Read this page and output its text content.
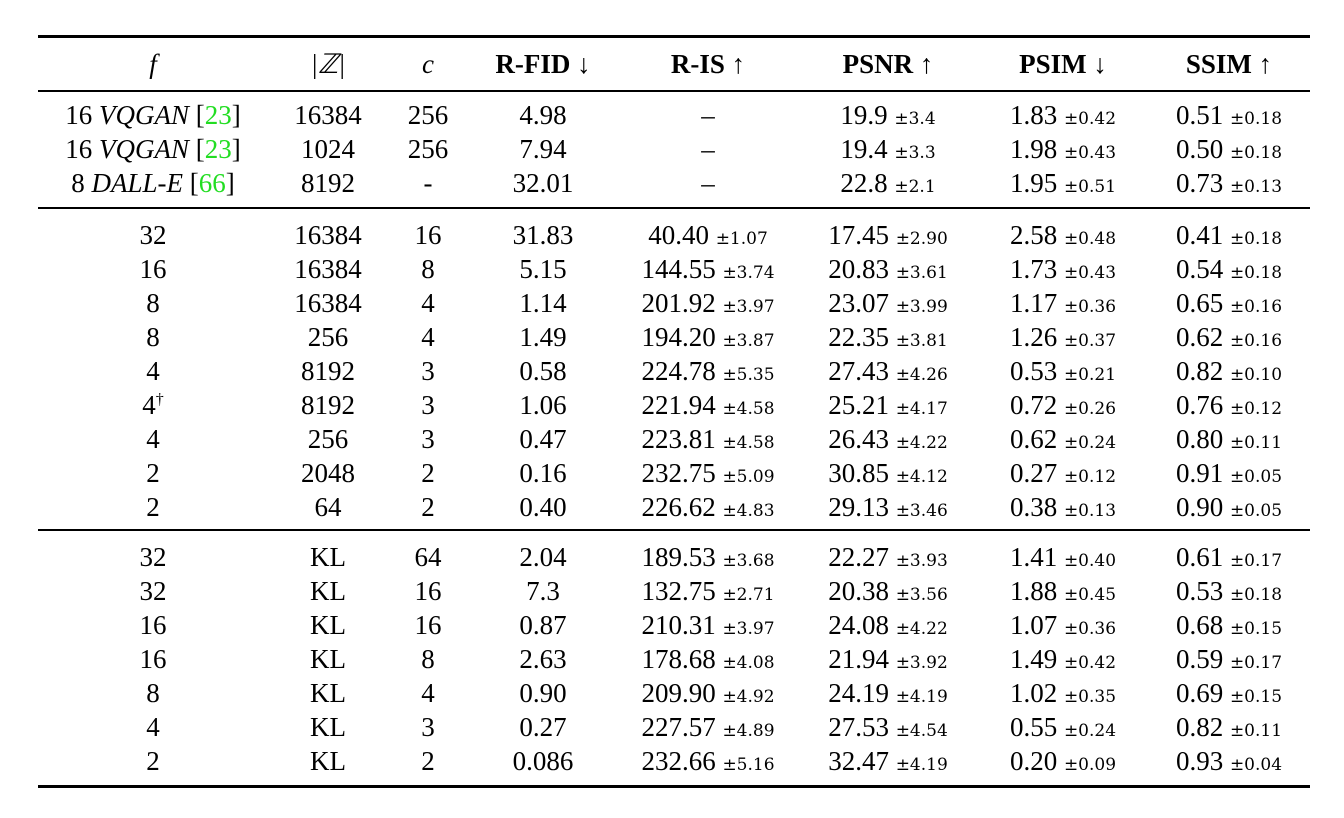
f	|ℤ|	c	R-FID ↓	R-IS ↑	PSNR ↑	PSIM ↓	SSIM ↑
16 VQGAN [23]	16384	256	4.98	–	19.9 ±3.4	1.83 ±0.42	0.51 ±0.18
16 VQGAN [23]	1024	256	7.94	–	19.4 ±3.3	1.98 ±0.43	0.50 ±0.18
8 DALL-E [66]	8192	-	32.01	–	22.8 ±2.1	1.95 ±0.51	0.73 ±0.13
32	16384	16	31.83	40.40 ±1.07	17.45 ±2.90	2.58 ±0.48	0.41 ±0.18
16	16384	8	5.15	144.55 ±3.74	20.83 ±3.61	1.73 ±0.43	0.54 ±0.18
8	16384	4	1.14	201.92 ±3.97	23.07 ±3.99	1.17 ±0.36	0.65 ±0.16
8	256	4	1.49	194.20 ±3.87	22.35 ±3.81	1.26 ±0.37	0.62 ±0.16
4	8192	3	0.58	224.78 ±5.35	27.43 ±4.26	0.53 ±0.21	0.82 ±0.10
4†	8192	3	1.06	221.94 ±4.58	25.21 ±4.17	0.72 ±0.26	0.76 ±0.12
4	256	3	0.47	223.81 ±4.58	26.43 ±4.22	0.62 ±0.24	0.80 ±0.11
2	2048	2	0.16	232.75 ±5.09	30.85 ±4.12	0.27 ±0.12	0.91 ±0.05
2	64	2	0.40	226.62 ±4.83	29.13 ±3.46	0.38 ±0.13	0.90 ±0.05
32	KL	64	2.04	189.53 ±3.68	22.27 ±3.93	1.41 ±0.40	0.61 ±0.17
32	KL	16	7.3	132.75 ±2.71	20.38 ±3.56	1.88 ±0.45	0.53 ±0.18
16	KL	16	0.87	210.31 ±3.97	24.08 ±4.22	1.07 ±0.36	0.68 ±0.15
16	KL	8	2.63	178.68 ±4.08	21.94 ±3.92	1.49 ±0.42	0.59 ±0.17
8	KL	4	0.90	209.90 ±4.92	24.19 ±4.19	1.02 ±0.35	0.69 ±0.15
4	KL	3	0.27	227.57 ±4.89	27.53 ±4.54	0.55 ±0.24	0.82 ±0.11
2	KL	2	0.086	232.66 ±5.16	32.47 ±4.19	0.20 ±0.09	0.93 ±0.04
